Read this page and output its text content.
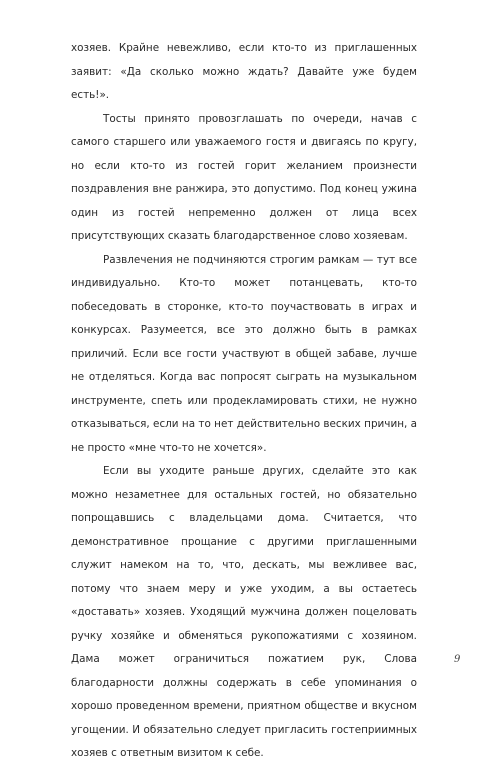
хозяев. Крайне невежливо, если кто-то из приглашенных заявит: «Да сколько можно ждать? Давайте уже будем есть!».

Тосты принято провозглашать по очереди, начав с самого старшего или уважаемого гостя и двигаясь по кругу, но если кто-то из гостей горит желанием произнести поздравления вне ранжира, это допустимо. Под конец ужина один из гостей непременно должен от лица всех присутствующих сказать благодарственное слово хозяевам.

Развлечения не подчиняются строгим рамкам — тут все индивидуально. Кто-то может потанцевать, кто-то побеседовать в сторонке, кто-то поучаствовать в играх и конкурсах. Разумеется, все это должно быть в рамках приличий. Если все гости участвуют в общей забаве, лучше не отделяться. Когда вас попросят сыграть на музыкальном инструменте, спеть или продекламировать стихи, не нужно отказываться, если на то нет действительно веских причин, а не просто «мне что-то не хочется».

Если вы уходите раньше других, сделайте это как можно незаметнее для остальных гостей, но обязательно попрощавшись с владельцами дома. Считается, что демонстративное прощание с другими приглашенными служит намеком на то, что, дескать, мы вежливее вас, потому что знаем меру и уже уходим, а вы остаетесь «доставать» хозяев. Уходящий мужчина должен поцеловать ручку хозяйке и обменяться рукопожатиями с хозяином. Дама может ограничиться пожатием рук, Слова благодарности должны содержать в себе упоминания о хорошо проведенном времени, приятном обществе и вкусном угощении. И обязательно следует пригласить гостеприимных хозяев с ответным визитом к себе.

9
